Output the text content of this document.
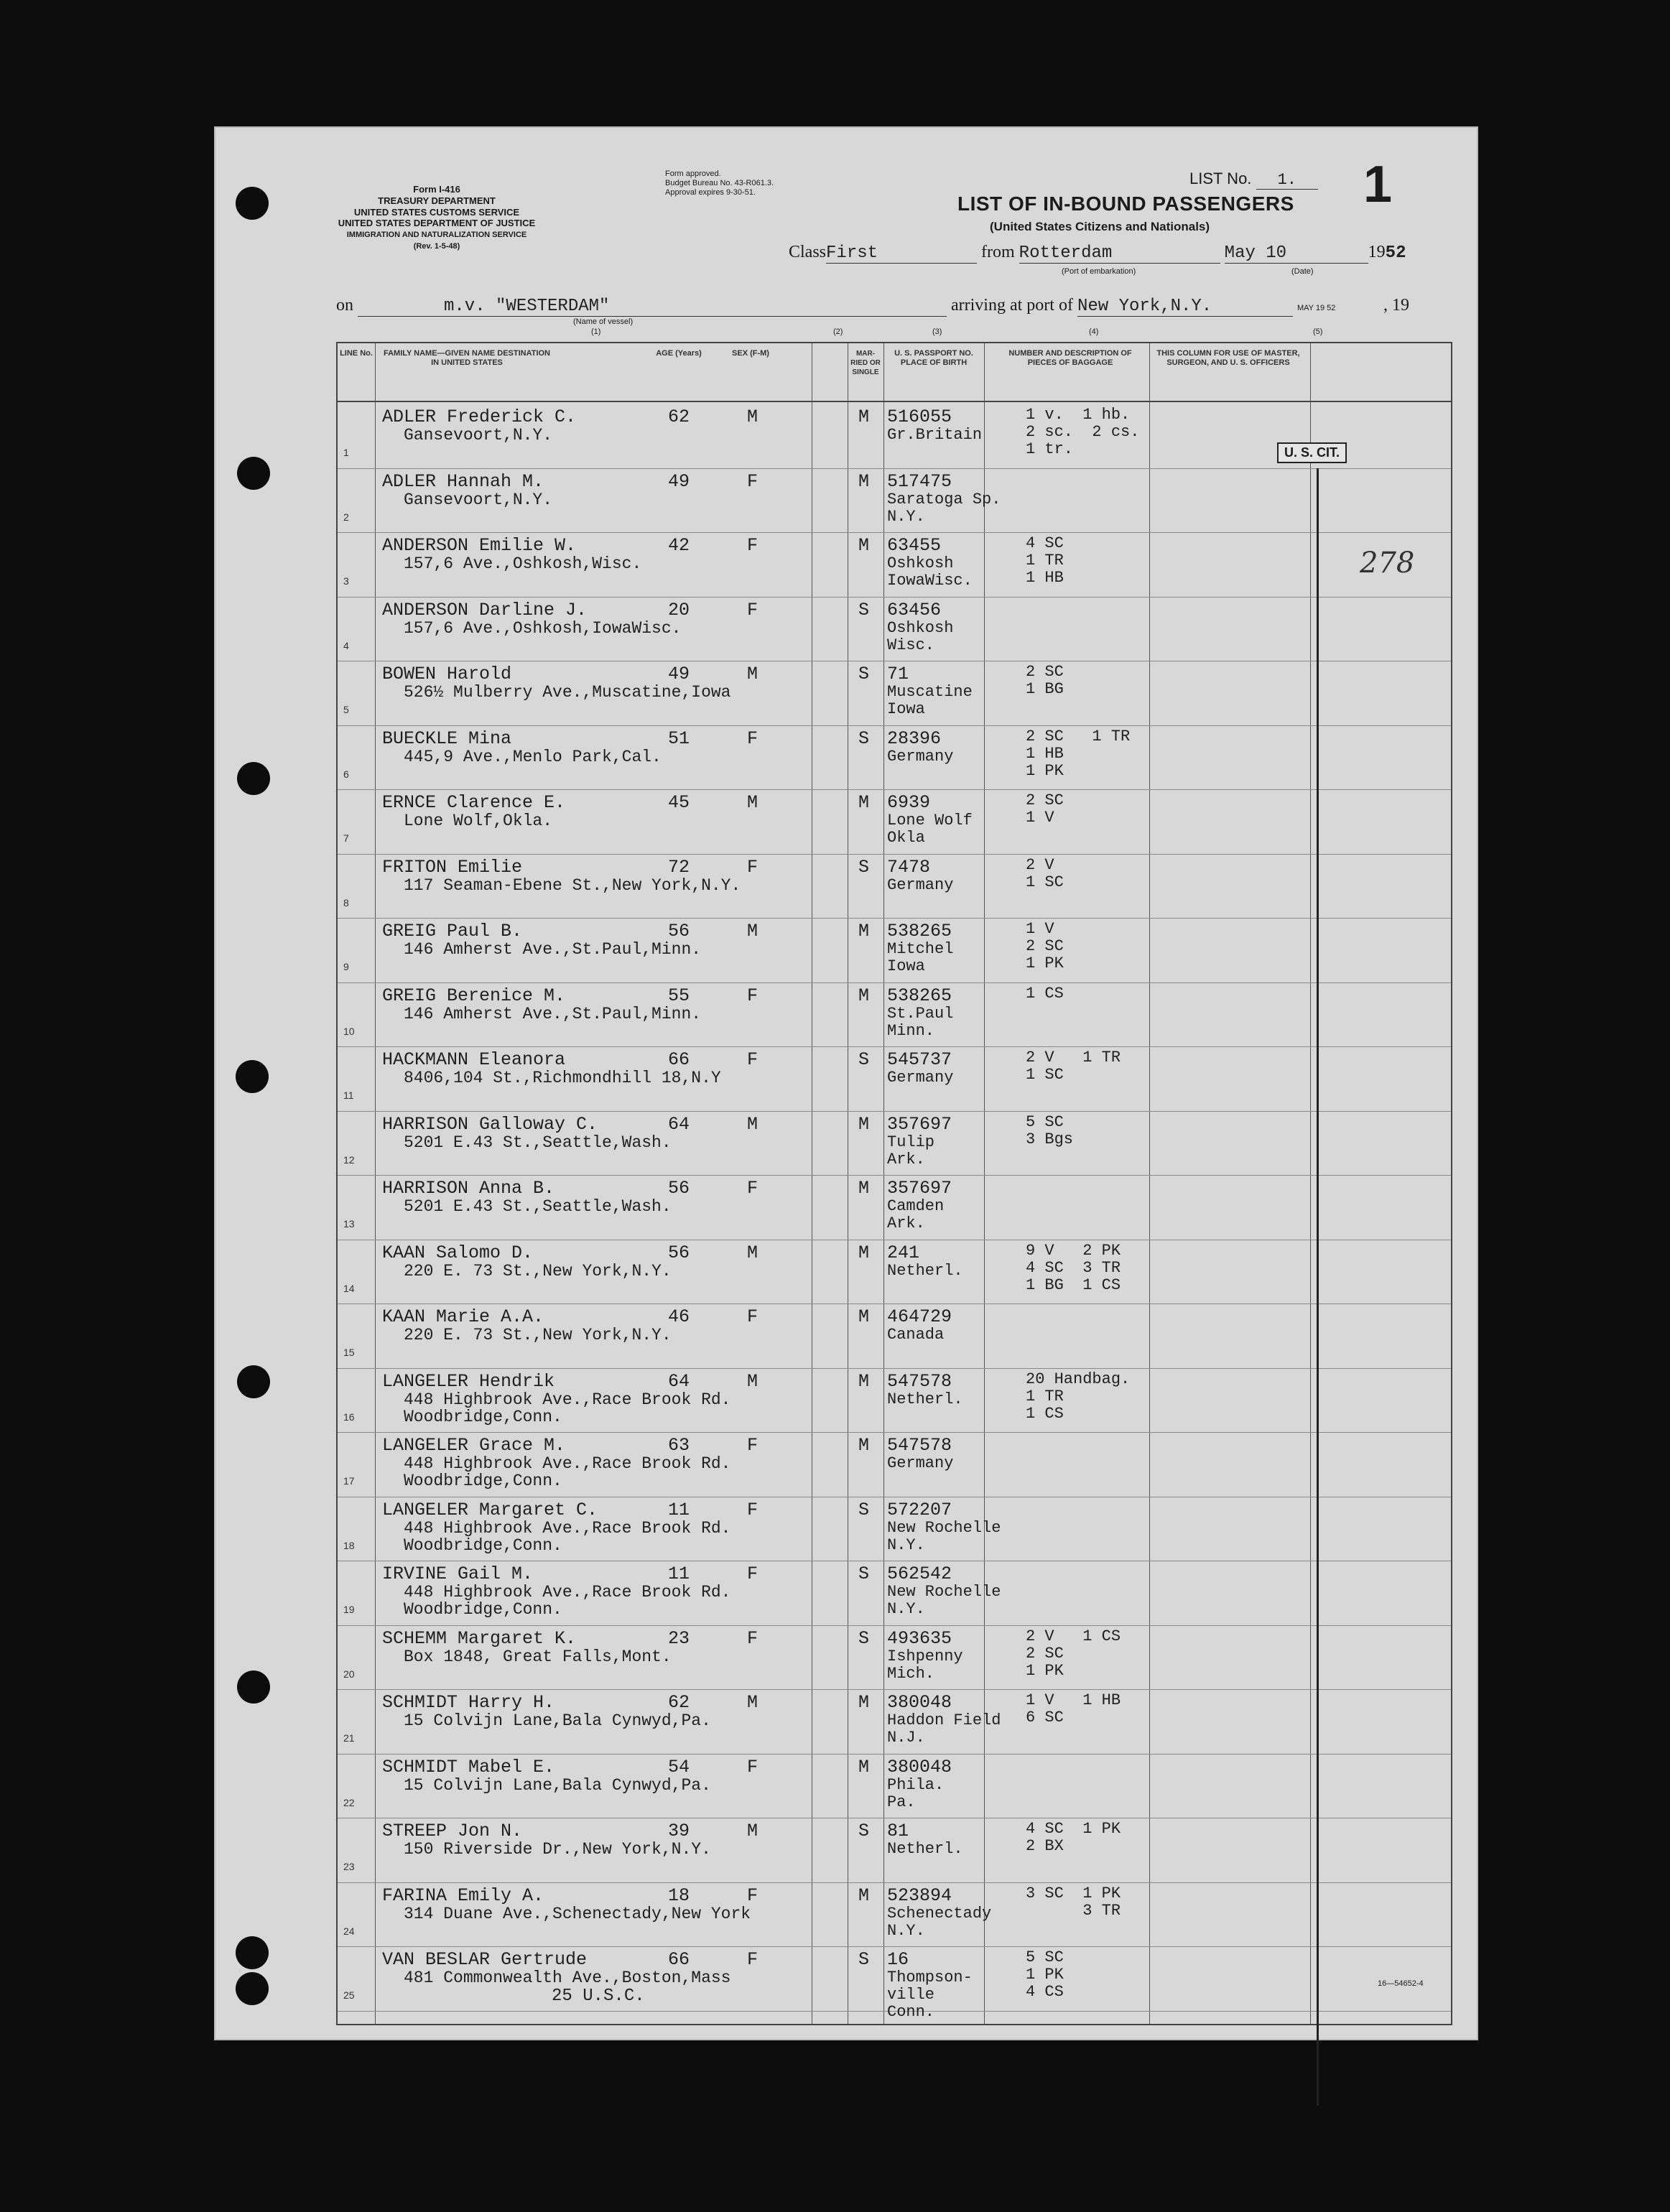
Form I-416
TREASURY DEPARTMENT
UNITED STATES CUSTOMS SERVICE
UNITED STATES DEPARTMENT OF JUSTICE
IMMIGRATION AND NATURALIZATION SERVICE
(Rev. 1-5-48)
Form approved.
Budget Bureau No. 43-R061.3.
Approval expires 9-30-51.
LIST No. 1.	1
LIST OF IN-BOUND PASSENGERS
(United States Citizens and Nationals)
ClassFirst	from Rotterdam	May 10	1952
(Port of embarkation)	(Date)
on	m.v. "WESTERDAM"	arriving at port of New York,N.Y.	MAY 19 52	, 19
(Name of vessel)
(1)	(2)	(3)	(4)	(5)
LINE No.	FAMILY NAME—GIVEN NAME DESTINATION IN UNITED STATES
AGE (Years)	SEX (F-M)	MAR-RIED OR SINGLE
U. S. PASSPORT NO. PLACE OF BIRTH
NUMBER AND DESCRIPTION OF PIECES OF BAGGAGE
THIS COLUMN FOR USE OF MASTER, SURGEON, AND U. S. OFFICERS
1
ADLER Frederick C.
Gansevoort,N.Y.
62	M	M 516055
Gr.Britain
1 v.  1 hb.
2 sc.  2 cs.
1 tr.
2
ADLER Hannah M.
Gansevoort,N.Y.
49	F	M 517475
Saratoga Sp.
N.Y.
3
ANDERSON Emilie W.
157,6 Ave.,Oshkosh,Wisc.
42	F	M 63455
Oshkosh
IowaWisc.
4 SC
1 TR
1 HB
4
ANDERSON Darline J.
157,6 Ave.,Oshkosh,IowaWisc.
20	F	S 63456
Oshkosh
Wisc.
5
BOWEN Harold
526½ Mulberry Ave.,Muscatine,Iowa
49	M	S 71
Muscatine
Iowa
2 SC
1 BG
6
BUECKLE Mina
445,9 Ave.,Menlo Park,Cal.
51	F	S 28396
Germany
2 SC   1 TR
1 HB
1 PK
7
ERNCE Clarence E.
Lone Wolf,Okla.
45	M	M 6939
Lone Wolf
Okla
2 SC
1 V
8
FRITON Emilie
117 Seaman-Ebene St.,New York,N.Y.
72	F	S 7478
Germany
2 V
1 SC
9
GREIG Paul B.
146 Amherst Ave.,St.Paul,Minn.
56	M	M 538265
Mitchel
Iowa
1 V
2 SC
1 PK
10
GREIG Berenice M.
146 Amherst Ave.,St.Paul,Minn.
55	F	M 538265
St.Paul
Minn.
1 CS
11
HACKMANN Eleanora
8406,104 St.,Richmondhill 18,N.Y
66	F	S 545737
Germany
2 V   1 TR
1 SC
12
HARRISON Galloway C.
5201 E.43 St.,Seattle,Wash.
64	M	M 357697
Tulip
Ark.
5 SC
3 Bgs
13
HARRISON Anna B.
5201 E.43 St.,Seattle,Wash.
56	F	M 357697
Camden
Ark.
14
KAAN Salomo D.
220 E. 73 St.,New York,N.Y.
56	M	M 241
Netherl.
9 V   2 PK
4 SC  3 TR
1 BG  1 CS
15
KAAN Marie A.A.
220 E. 73 St.,New York,N.Y.
46	F	M 464729
Canada
16
LANGELER Hendrik
448 Highbrook Ave.,Race Brook Rd.
Woodbridge,Conn.
64	M	M 547578
Netherl.
20 Handbag.
1 TR
1 CS
17
LANGELER Grace M.
448 Highbrook Ave.,Race Brook Rd.
Woodbridge,Conn.
63	F	M 547578
Germany
18
LANGELER Margaret C.
448 Highbrook Ave.,Race Brook Rd.
Woodbridge,Conn.
11	F	S 572207
New Rochelle
N.Y.
19
IRVINE Gail M.
448 Highbrook Ave.,Race Brook Rd.
Woodbridge,Conn.
11	F	S 562542
New Rochelle
N.Y.
20
SCHEMM Margaret K.
Box 1848, Great Falls,Mont.
23	F	S 493635
Ishpenny
Mich.
2 V   1 CS
2 SC
1 PK
21
SCHMIDT Harry H.
15 Colvijn Lane,Bala Cynwyd,Pa.
62	M	M 380048
Haddon Field
N.J.
1 V   1 HB
6 SC
22
SCHMIDT Mabel E.
15 Colvijn Lane,Bala Cynwyd,Pa.
54	F	M 380048
Phila.
Pa.
23
STREEP Jon N.
150 Riverside Dr.,New York,N.Y.
39	M	S 81
Netherl.
4 SC  1 PK
2 BX
24
FARINA Emily A.
314 Duane Ave.,Schenectady,New York
18	F	M 523894
Schenectady
N.Y.
3 SC  1 PK
3 TR
25
VAN BESLAR Gertrude
481 Commonwealth Ave.,Boston,Mass
66	F	S 16
Thompson-
ville
Conn.
5 SC
1 PK
4 CS
U. S. CIT.
278
25 U.S.C.
16—54652-4
